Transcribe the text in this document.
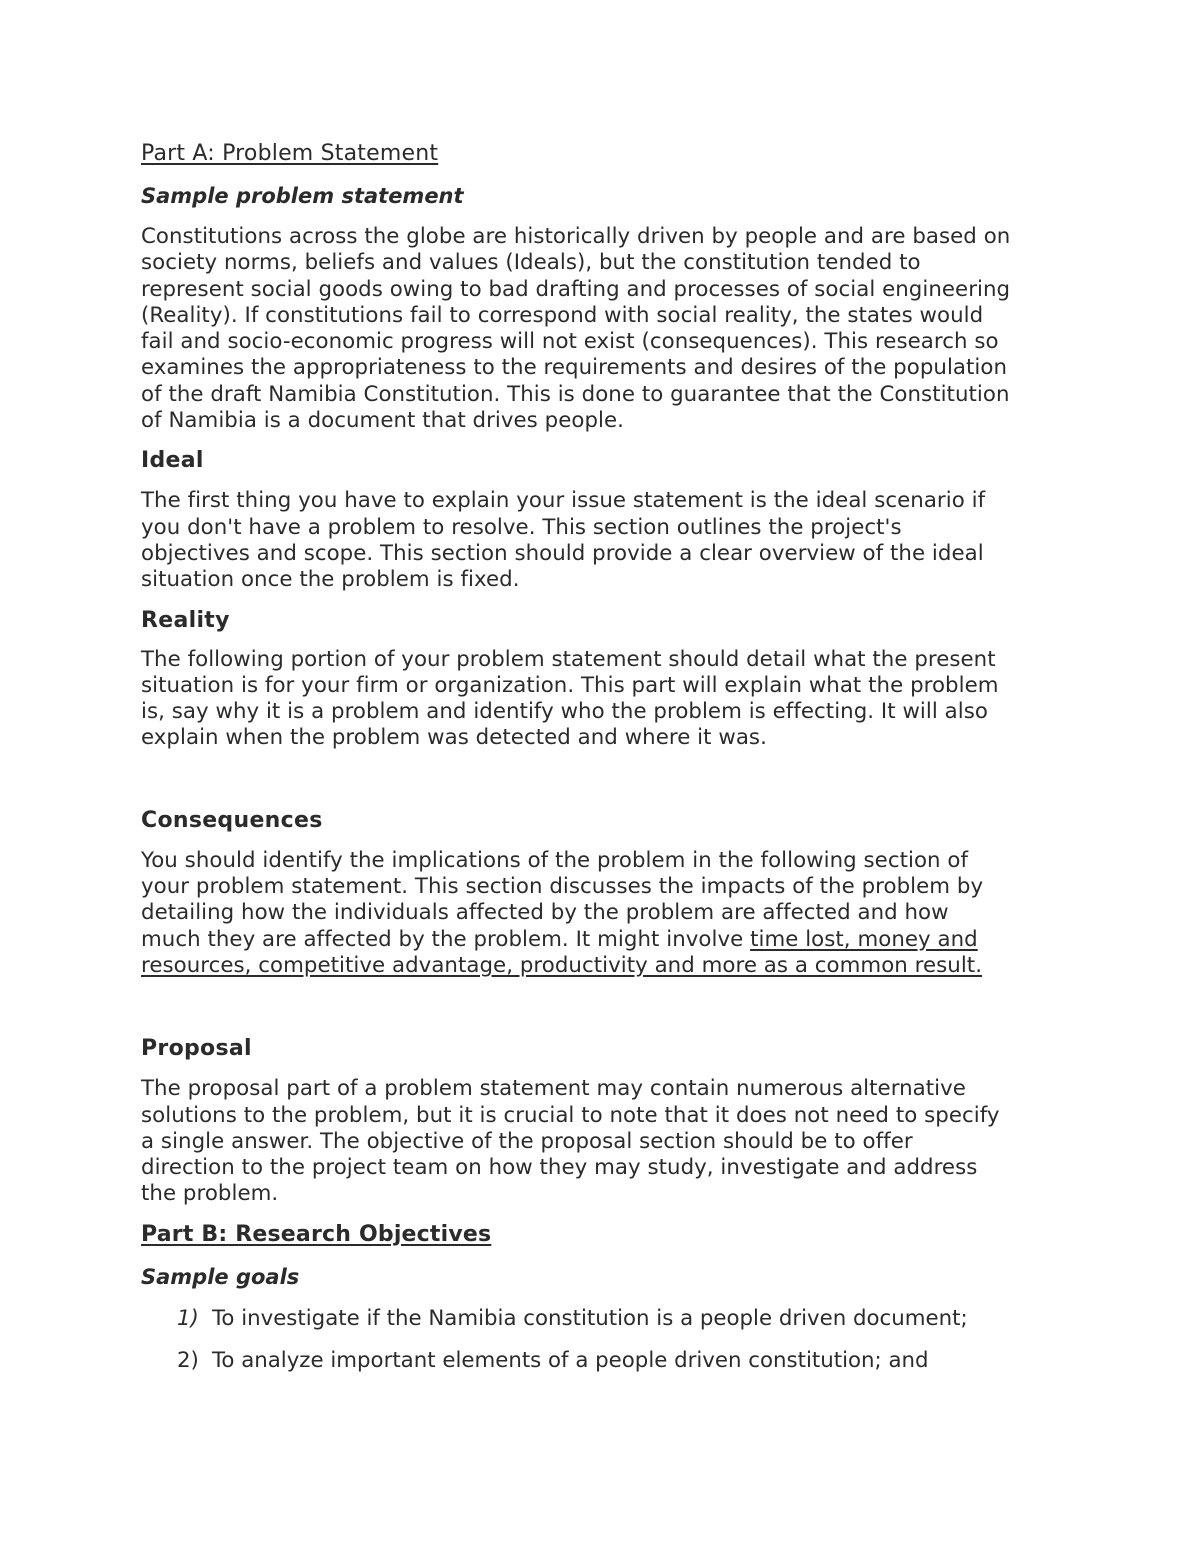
Part A: Problem Statement
Sample problem statement
Constitutions across the globe are historically driven by people and are based on
society norms, beliefs and values (Ideals), but the constitution tended to
represent social goods owing to bad drafting and processes of social engineering
(Reality). If constitutions fail to correspond with social reality, the states would
fail and socio-economic progress will not exist (consequences). This research so
examines the appropriateness to the requirements and desires of the population
of the draft Namibia Constitution. This is done to guarantee that the Constitution
of Namibia is a document that drives people.
Ideal
The first thing you have to explain your issue statement is the ideal scenario if
you don't have a problem to resolve. This section outlines the project's
objectives and scope. This section should provide a clear overview of the ideal
situation once the problem is fixed.
Reality
The following portion of your problem statement should detail what the present
situation is for your firm or organization. This part will explain what the problem
is, say why it is a problem and identify who the problem is effecting. It will also
explain when the problem was detected and where it was.
Consequences
You should identify the implications of the problem in the following section of
your problem statement. This section discusses the impacts of the problem by
detailing how the individuals affected by the problem are affected and how
much they are affected by the problem. It might involve time lost, money and
resources, competitive advantage, productivity and more as a common result.
Proposal
The proposal part of a problem statement may contain numerous alternative
solutions to the problem, but it is crucial to note that it does not need to specify
a single answer. The objective of the proposal section should be to offer
direction to the project team on how they may study, investigate and address
the problem.
Part B: Research Objectives
Sample goals
1) To investigate if the Namibia constitution is a people driven document;
2) To analyze important elements of a people driven constitution; and
